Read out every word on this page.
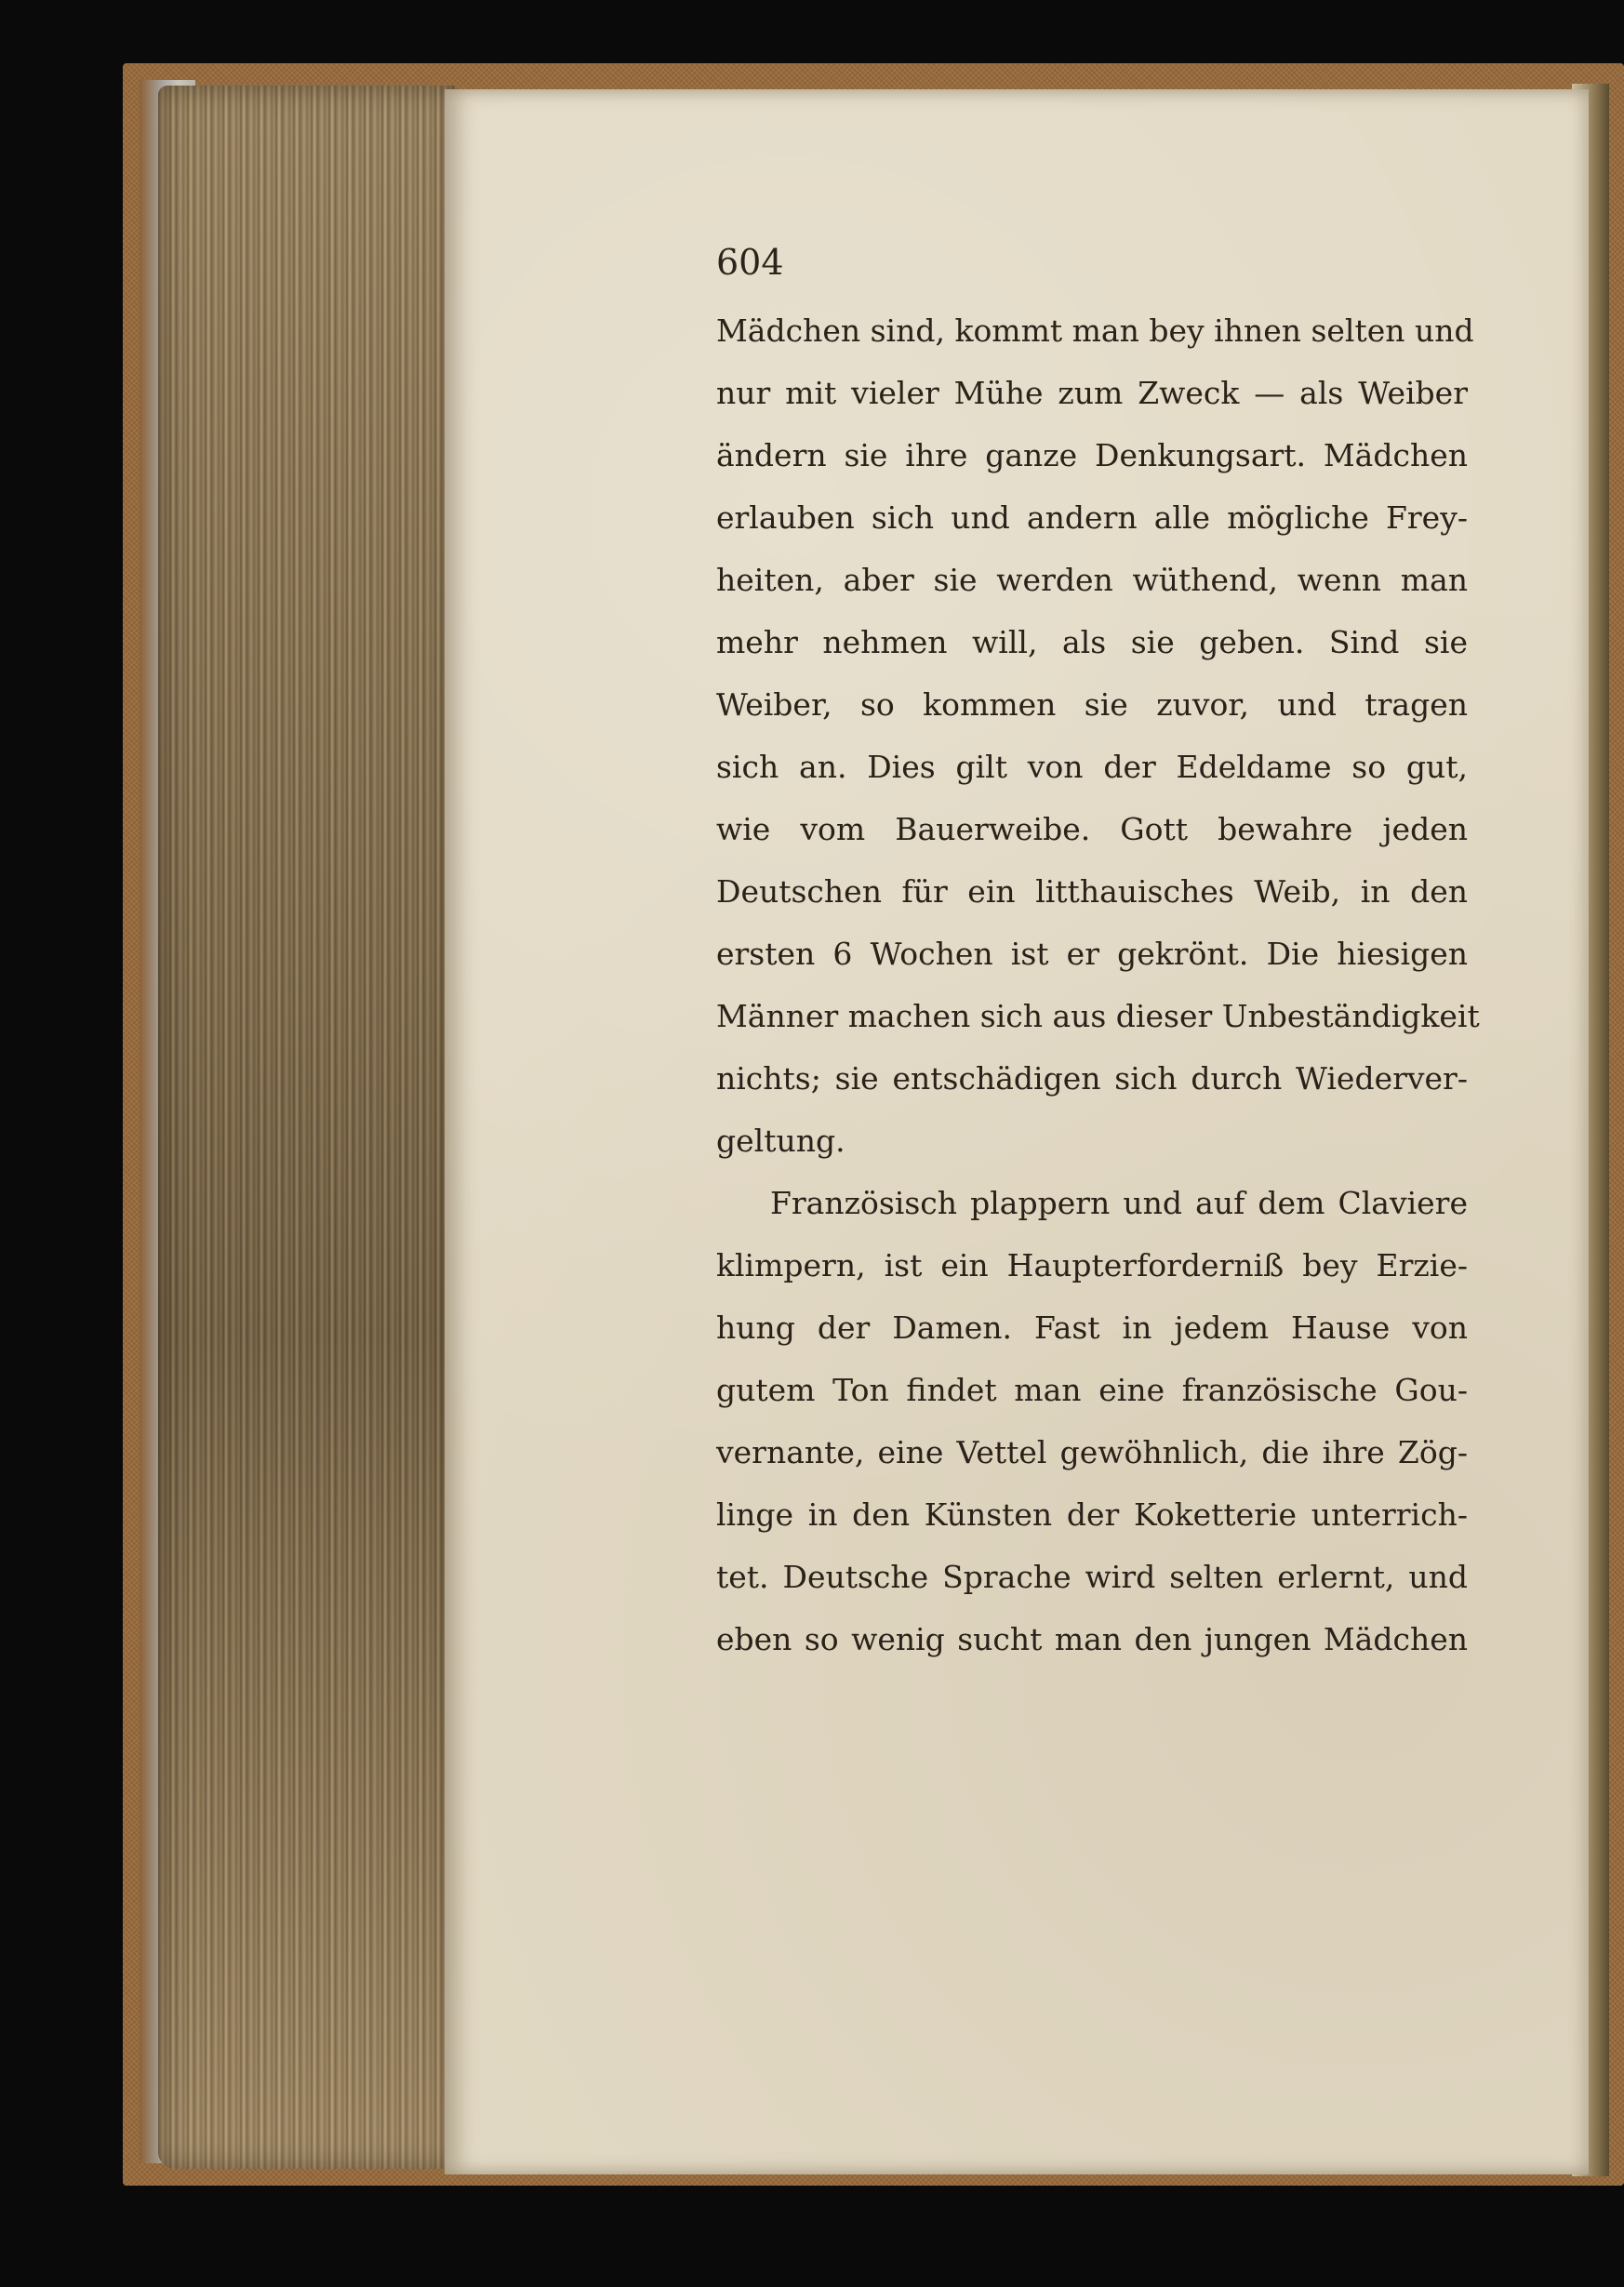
604

Mädchen sind, kommt man bey ihnen selten und
nur mit vieler Mühe zum Zweck — als Weiber
ändern sie ihre ganze Denkungsart. Mädchen
erlauben sich und andern alle mögliche Frey-
heiten, aber sie werden wüthend, wenn man
mehr nehmen will, als sie geben. Sind sie
Weiber, so kommen sie zuvor, und tragen
sich an. Dies gilt von der Edeldame so gut,
wie vom Bauerweibe. Gott bewahre jeden
Deutschen für ein litthauisches Weib, in den
ersten 6 Wochen ist er gekrönt. Die hiesigen
Männer machen sich aus dieser Unbeständigkeit
nichts; sie entschädigen sich durch Wiederver-
geltung.
Französisch plappern und auf dem Claviere
klimpern, ist ein Haupterforderniß bey Erzie-
hung der Damen. Fast in jedem Hause von
gutem Ton findet man eine französische Gou-
vernante, eine Vettel gewöhnlich, die ihre Zög-
linge in den Künsten der Koketterie unterrich-
tet. Deutsche Sprache wird selten erlernt, und
eben so wenig sucht man den jungen Mädchen
